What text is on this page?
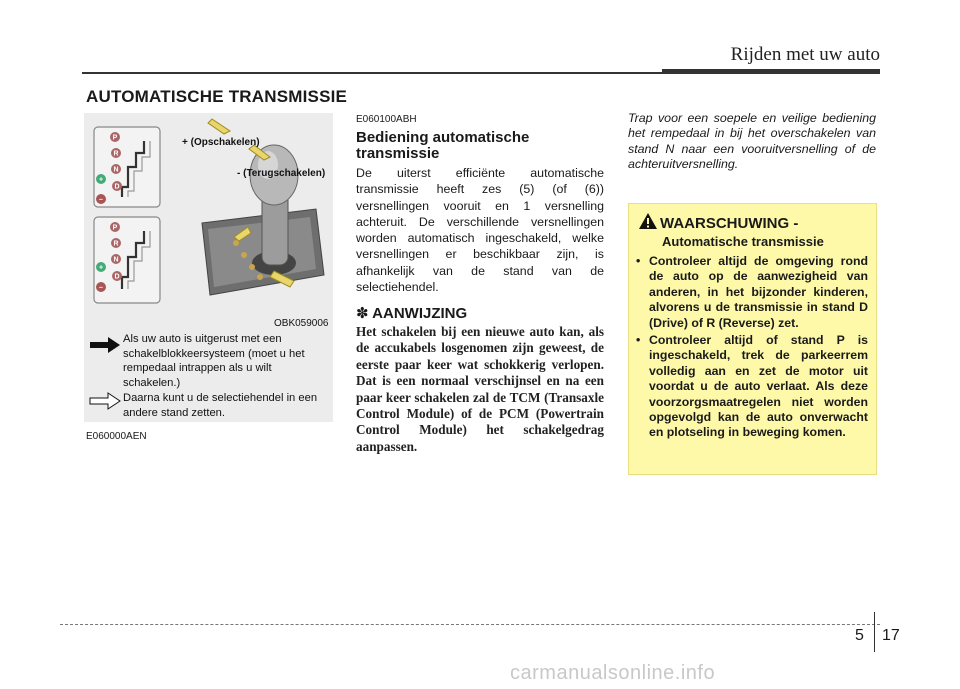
Rijden met uw auto
AUTOMATISCHE TRANSMISSIE
P
R
N
D
+
–
P
R
N
D
+
–
+ (Opschakelen)
- (Terugschakelen)
OBK059006
Als uw auto is uitgerust met een schakelblokkeersysteem (moet u het rempedaal intrappen als u wilt schakelen.)
Daarna kunt u de selectiehendel in een andere stand zetten.
E060000AEN
E060100ABH
Bediening automatische transmissie
De uiterst efficiënte automatische transmissie heeft zes (5) (of (6)) versnellingen vooruit en 1 versnelling achteruit. De verschillende versnellingen worden automatisch ingeschakeld, welke versnellingen er beschikbaar zijn, is afhankelijk van de stand van de selectiehendel.
✽ AANWIJZING
Het schakelen bij een nieuwe auto kan, als de accukabels losgenomen zijn geweest, de eerste paar keer wat schokkerig verlopen. Dat is een normaal verschijnsel en na een paar keer schakelen zal de TCM (Transaxle Control Module) of de PCM (Powertrain Control Module) het schakelgedrag aanpassen.
Trap voor een soepele en veilige bediening het rempedaal in bij het overschakelen van stand N naar een vooruitversnelling of de achteruitversnelling.
WAARSCHUWING -
Automatische transmissie
• Controleer altijd de omgeving rond de auto op de aanwezigheid van anderen, in het bijzonder kinderen, alvorens u de transmissie in stand D (Drive) of R (Reverse) zet.
• Controleer altijd of stand P is ingeschakeld, trek de parkeerrem volledig aan en zet de motor uit voordat u de auto verlaat. Als deze voorzorgsmaatregelen niet worden opgevolgd kan de auto onverwacht en plotseling in beweging komen.
5 17
carmanualsonline.info
